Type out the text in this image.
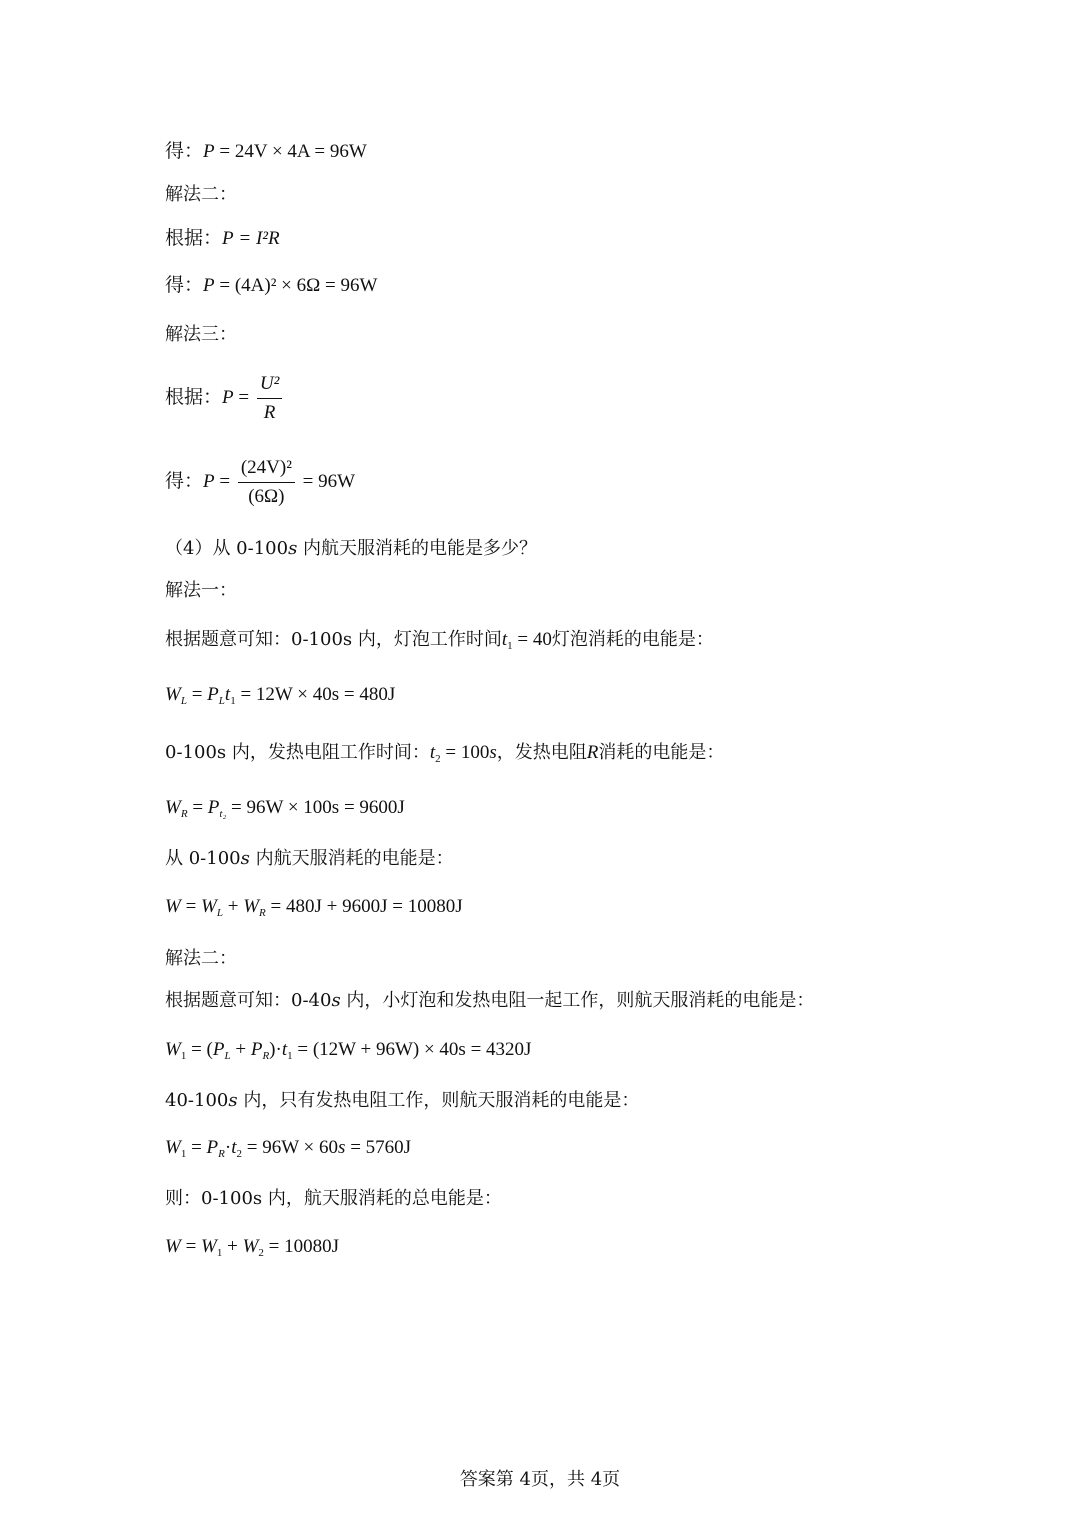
得：P = 24V × 4A = 96W
解法二：
根据：P = I²R
得：P = (4A)² × 6Ω = 96W
解法三：
根据：$P = \frac{\text{U²}}{R}$
得：$P = \frac{\text{(24V)²}}{(6\Omega)} = 96W$
（4）从 0-100s 内航天服消耗的电能是多少？
解法一：
根据题意可知：0-100s 内，灯泡工作时间$t_1 = 40$灯泡消耗的电能是：
$W_L = P_Lt_1 = 12W \times 40s = 480J$
0-100s 内，发热电阻工作时间：$t_2 = 100s$，发热电阻R消耗的电能是：
$W_R = P_{t_2} = 96W \times 100s = 9600J$
从 0-100s 内航天服消耗的电能是：
$W = W_L + W_R = 480J + 9600J = 10080J$
解法二：
根据题意可知：0-40s 内，小灯泡和发热电阻一起工作，则航天服消耗的电能是：
$W_1 = (P_L + P_R)\cdot t_1 = (12W + 96W) \times 40s = 4320J$
40-100s 内，只有发热电阻工作，则航天服消耗的电能是：
$W_1 = P_R\cdot t_2 = 96W \times 60s = 5760J$
则：0-100s 内，航天服消耗的总电能是：
$W = W_1 + W_2 = 10080J$
答案第 4页，共 4页
